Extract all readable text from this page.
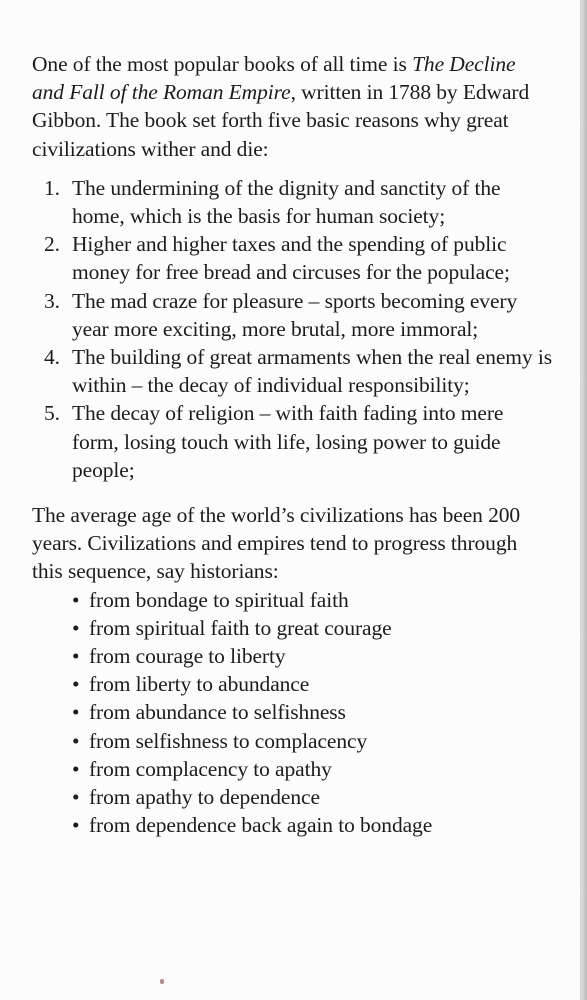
One of the most popular books of all time is The Decline and Fall of the Roman Empire, written in 1788 by Edward Gibbon. The book set forth five basic reasons why great civilizations wither and die:

1. The undermining of the dignity and sanctity of the home, which is the basis for human society;
2. Higher and higher taxes and the spending of public money for free bread and circuses for the populace;
3. The mad craze for pleasure – sports becoming every year more exciting, more brutal, more immoral;
4. The building of great armaments when the real enemy is within – the decay of individual responsibility;
5. The decay of religion – with faith fading into mere form, losing touch with life, losing power to guide people;

The average age of the world’s civilizations has been 200 years. Civilizations and empires tend to progress through this sequence, say historians:

• from bondage to spiritual faith
• from spiritual faith to great courage
• from courage to liberty
• from liberty to abundance
• from abundance to selfishness
• from selfishness to complacency
• from complacency to apathy
• from apathy to dependence
• from dependence back again to bondage
